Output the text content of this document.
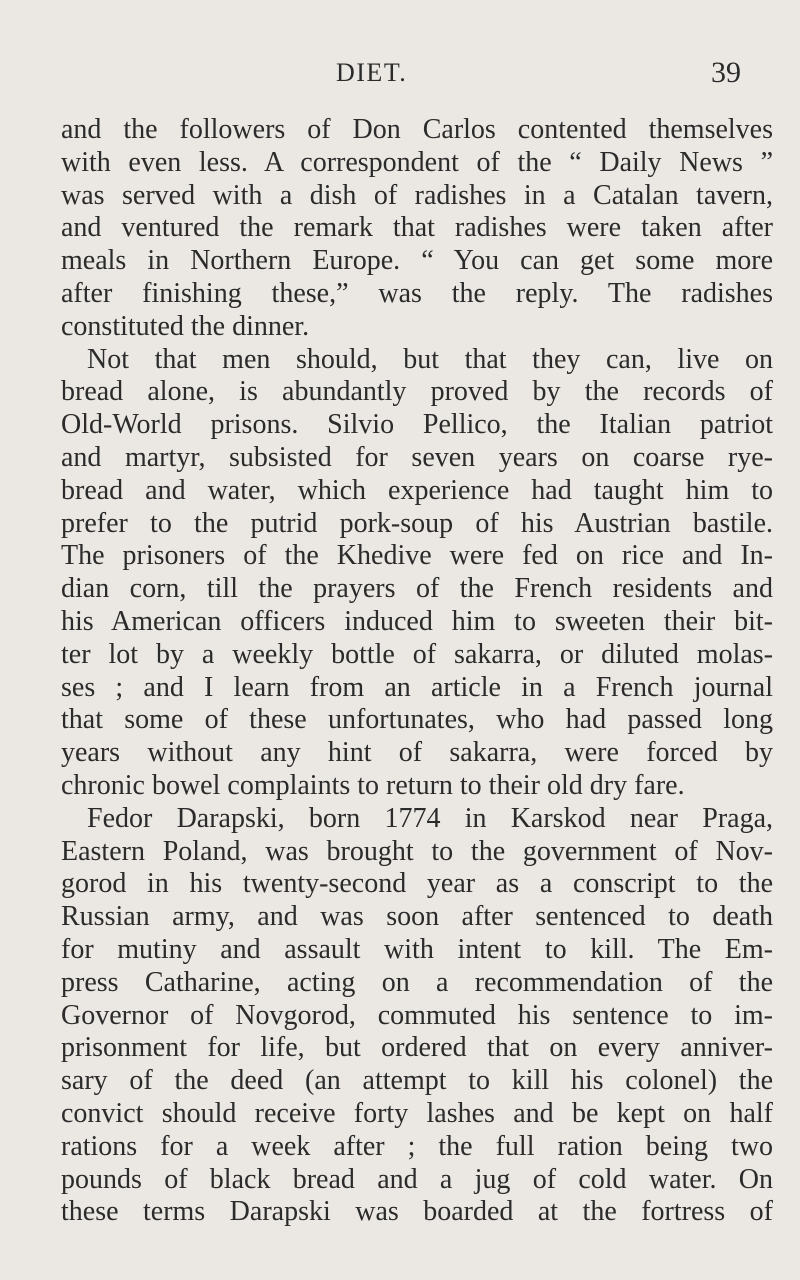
DIET.	39
and the followers of Don Carlos contented themselves
with even less. A correspondent of the “ Daily News ”
was served with a dish of radishes in a Catalan tavern,
and ventured the remark that radishes were taken after
meals in Northern Europe. “ You can get some more
after finishing these,” was the reply. The radishes
constituted the dinner.
Not that men should, but that they can, live on
bread alone, is abundantly proved by the records of
Old-World prisons. Silvio Pellico, the Italian patriot
and martyr, subsisted for seven years on coarse rye-
bread and water, which experience had taught him to
prefer to the putrid pork-soup of his Austrian bastile.
The prisoners of the Khedive were fed on rice and In-
dian corn, till the prayers of the French residents and
his American officers induced him to sweeten their bit-
ter lot by a weekly bottle of sakarra, or diluted molas-
ses ; and I learn from an article in a French journal
that some of these unfortunates, who had passed long
years without any hint of sakarra, were forced by
chronic bowel complaints to return to their old dry fare.
Fedor Darapski, born 1774 in Karskod near Praga,
Eastern Poland, was brought to the government of Nov-
gorod in his twenty-second year as a conscript to the
Russian army, and was soon after sentenced to death
for mutiny and assault with intent to kill. The Em-
press Catharine, acting on a recommendation of the
Governor of Novgorod, commuted his sentence to im-
prisonment for life, but ordered that on every anniver-
sary of the deed (an attempt to kill his colonel) the
convict should receive forty lashes and be kept on half
rations for a week after ; the full ration being two
pounds of black bread and a jug of cold water. On
these terms Darapski was boarded at the fortress of
